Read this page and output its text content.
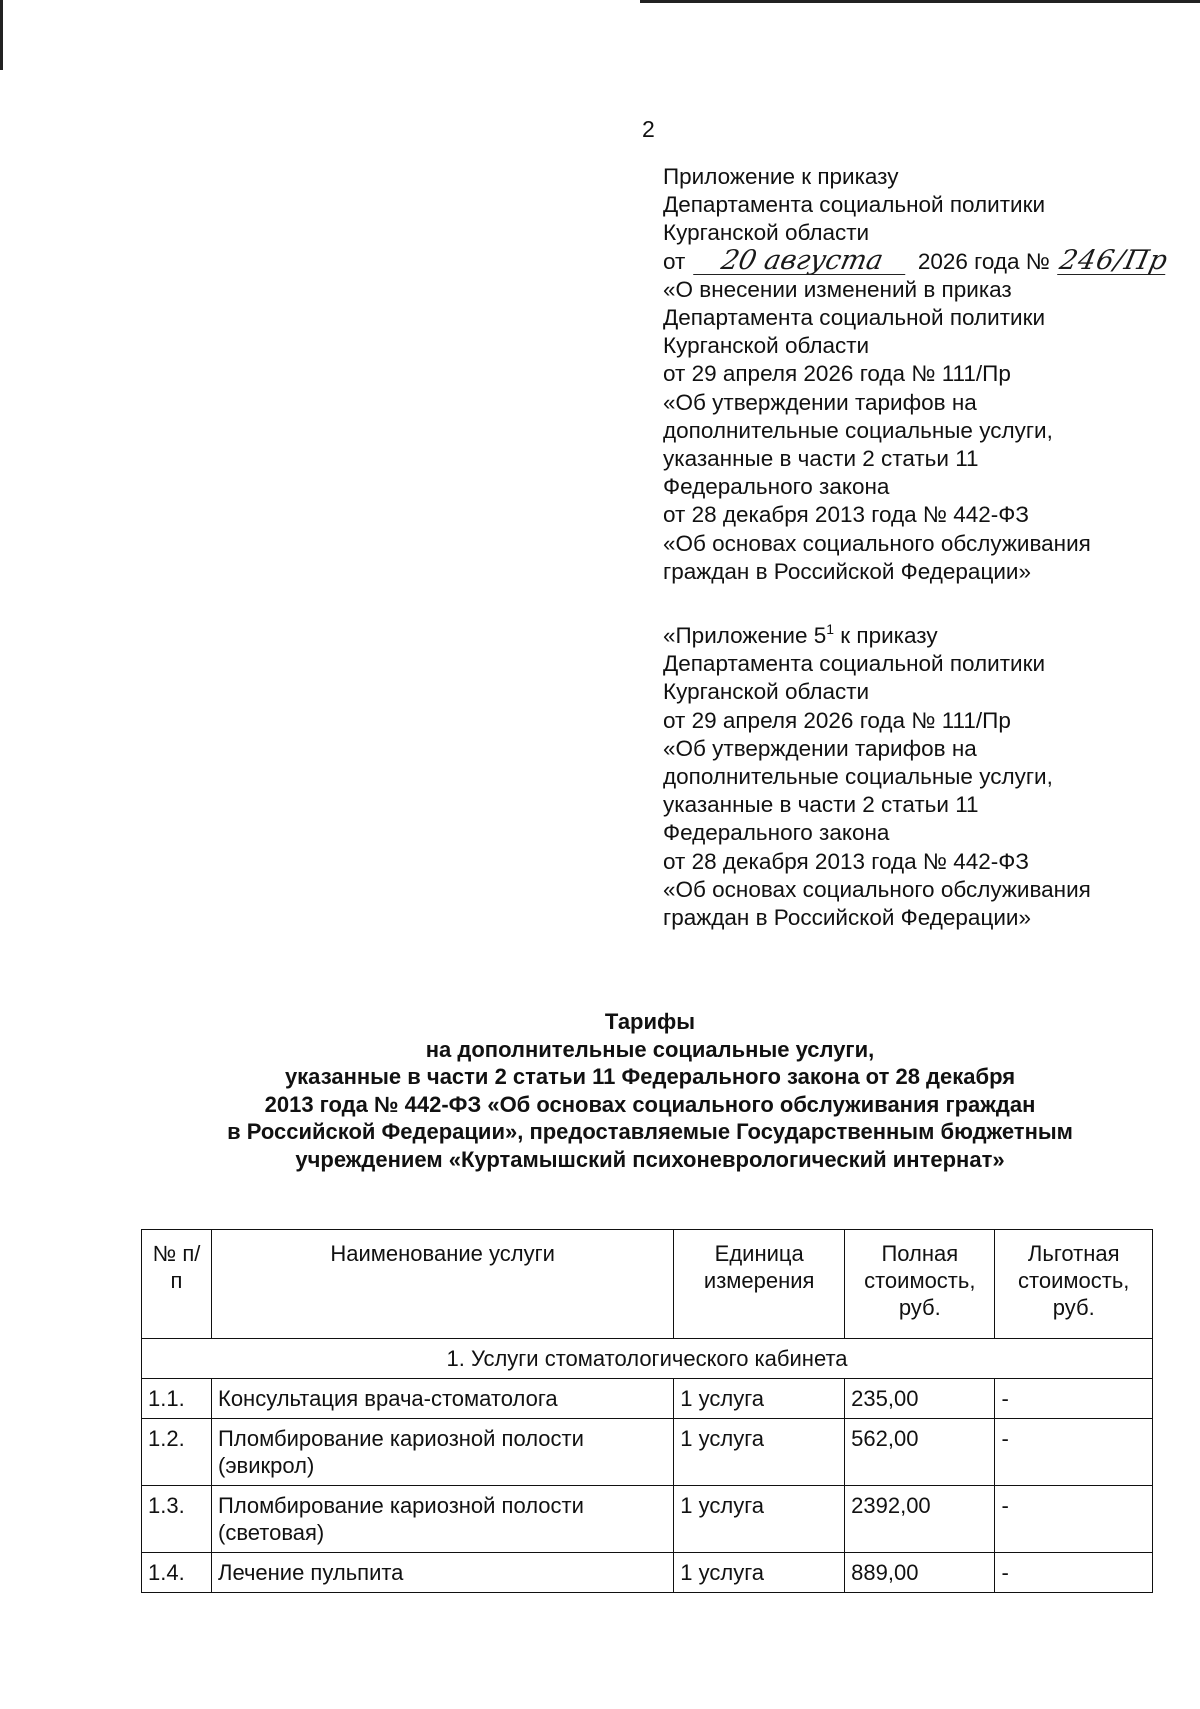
2
Приложение к приказу
Департамента социальной политики
Курганской области
от 20 августа 2026 года № 246/Пр
«О внесении изменений в приказ
Департамента социальной политики
Курганской области
от 29 апреля 2026 года № 111/Пр
«Об утверждении тарифов на
дополнительные социальные услуги,
указанные в части 2 статьи 11
Федерального закона
от 28 декабря 2013 года № 442-ФЗ
«Об основах социального обслуживания
граждан в Российской Федерации»
«Приложение $5^1$ к приказу
Департамента социальной политики
Курганской области
от 29 апреля 2026 года № 111/Пр
«Об утверждении тарифов на
дополнительные социальные услуги,
указанные в части 2 статьи 11
Федерального закона
от 28 декабря 2013 года № 442-ФЗ
«Об основах социального обслуживания
граждан в Российской Федерации»
Тарифы
на дополнительные социальные услуги,
указанные в части 2 статьи 11 Федерального закона от 28 декабря
2013 года № 442-ФЗ «Об основах социального обслуживания граждан
в Российской Федерации», предоставляемые Государственным бюджетным
учреждением «Куртамышский психоневрологический интернат»
№ п/п	Наименование услуги	Единица измерения	Полная стоимость, руб.	Льготная стоимость, руб.
1. Услуги стоматологического кабинета				
1.1.	Консультация врача-стоматолога	1 услуга	235,00	-
1.2.	Пломбирование кариозной полости (эвикрол)	1 услуга	562,00	-
1.3.	Пломбирование кариозной полости (световая)	1 услуга	2392,00	-
1.4.	Лечение пульпита	1 услуга	889,00	-
